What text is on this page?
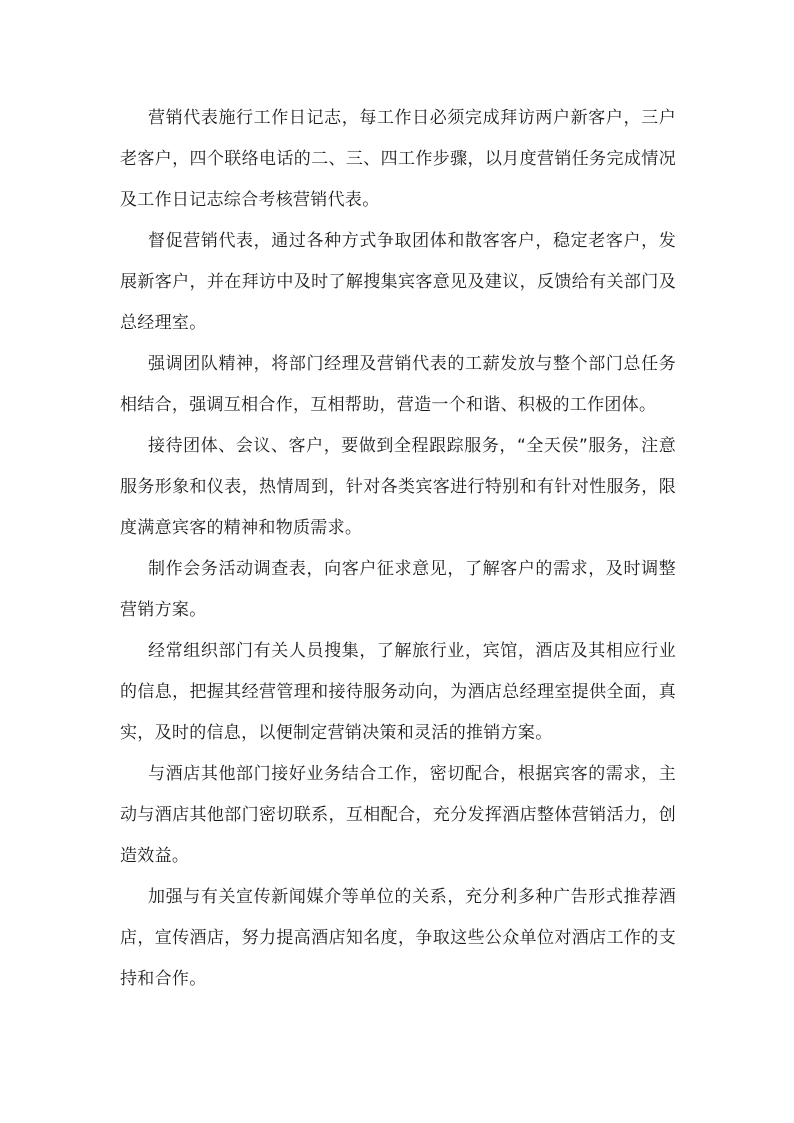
营销代表施行工作日记志，每工作日必须完成拜访两户新客户，三户老客户，四个联络电话的二、三、四工作步骤，以月度营销任务完成情况及工作日记志综合考核营销代表。

督促营销代表，通过各种方式争取团体和散客客户，稳定老客户，发展新客户，并在拜访中及时了解搜集宾客意见及建议，反馈给有关部门及总经理室。

强调团队精神，将部门经理及营销代表的工薪发放与整个部门总任务相结合，强调互相合作，互相帮助，营造一个和谐、积极的工作团体。

接待团体、会议、客户，要做到全程跟踪服务，“全天侯”服务，注意服务形象和仪表，热情周到，针对各类宾客进行特别和有针对性服务，限度满意宾客的精神和物质需求。

制作会务活动调查表，向客户征求意见，了解客户的需求，及时调整营销方案。

经常组织部门有关人员搜集，了解旅行业，宾馆，酒店及其相应行业的信息，把握其经营管理和接待服务动向，为酒店总经理室提供全面，真实，及时的信息，以便制定营销决策和灵活的推销方案。

与酒店其他部门接好业务结合工作，密切配合，根据宾客的需求，主动与酒店其他部门密切联系，互相配合，充分发挥酒店整体营销活力，创造效益。

加强与有关宣传新闻媒介等单位的关系，充分利多种广告形式推荐酒店，宣传酒店，努力提高酒店知名度，争取这些公众单位对酒店工作的支持和合作。
